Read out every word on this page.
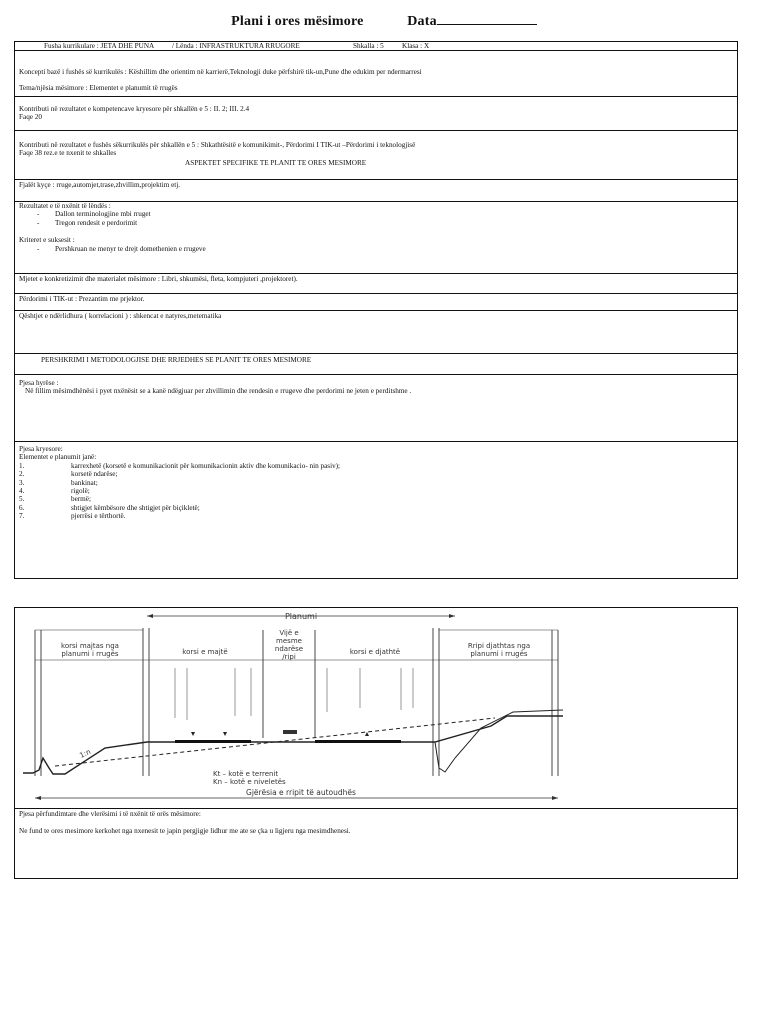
Plani i ores mësimore	Data
Fusha kurrikulare : JETA DHE PUNA / Lënda : INFRASTRUKTURA RRUGORE	Shkalla : 5	Klasa : X
Koncepti bazë i fushës së kurrikulës : Këshillim dhe orientim në karrierë,Teknologji duke përfshirë tik-un,Pune dhe edukim per ndermarresi
Tema/njësia mësimore : Elementet e planumit të rrugës
Kontributi në rezultatet e kompetencave kryesore për shkallën e 5 : II. 2; III. 2.4
Faqe 20
Kontributi në rezultatet e fushës sëkurrikulës për shkallën e 5 : Shkathtësitë e komunikimit-, Përdorimi I TIK-ut –Përdorimi i teknologjisë
Faqe 38 rez.e te nxenit te shkalles
ASPEKTET SPECIFIKE TE PLANIT TE ORES MESIMORE
Fjalët kyçe : rruge,automjet,trase,zhvillim,projektim etj.
Rezultatet e të nxënit të lëndës :
-	Dallon terminologjine mbi rruget
-	Tregon rendesit e perdorimit
Kriteret e suksesit :
-	Pershkruan ne menyr te drejt domethenien e rrugeve
Mjetet e konkretizimit dhe materialet mësimore : Libri, shkumësi, fleta, kompjuteri ,projektoret).
Përdorimi i TIK-ut : Prezantim me prjektor.
Qështjet e ndërlidhura ( korrelacioni ) : shkencat e natyres,metematika
PERSHKRIMI I METODOLOGJISE DHE RRJEDHES SE PLANIT TE ORES MESIMORE
Pjesa hyrëse :
Në fillim mësimdhënësi i pyet nxënësit se a kanë ndëgjuar per zhvillimin dhe rendesin e rrugeve dhe perdorimi ne jeten e perditshme .
Pjesa kryesore:
Elementet e planumit janë:
1.	karrexhetë (korsetë e komunikacionit për komunikacionin aktiv dhe komunikacio- nin pasiv);
2.	korsetë ndarëse;
3.	bankinat;
4.	rigolë;
5.	bermë;
6.	shtigjet këmbësore dhe shtigjet për biçikletë;
7.	pjerrësi e tërthortë.
Planumi
korsi majtas nga
planumi i rrugës	korsi e majtë
Vijë e
mesme
ndarëse
/ripi
korsi e djathtë
Rripi djathtas nga
planumi i rrugës
1:n
Kt – kotë e terrenit
Kn – kotë e niveletës
Gjërësia e rripit të autoudhës
Pjesa përfundimtare dhe vlerësimi i të nxënit të orës mësimore:
Ne fund te ores mesimore kerkohet nga nxenesit te japin pergjigje lidhur me ate se çka u ligjeru nga mesimdhenesi.
